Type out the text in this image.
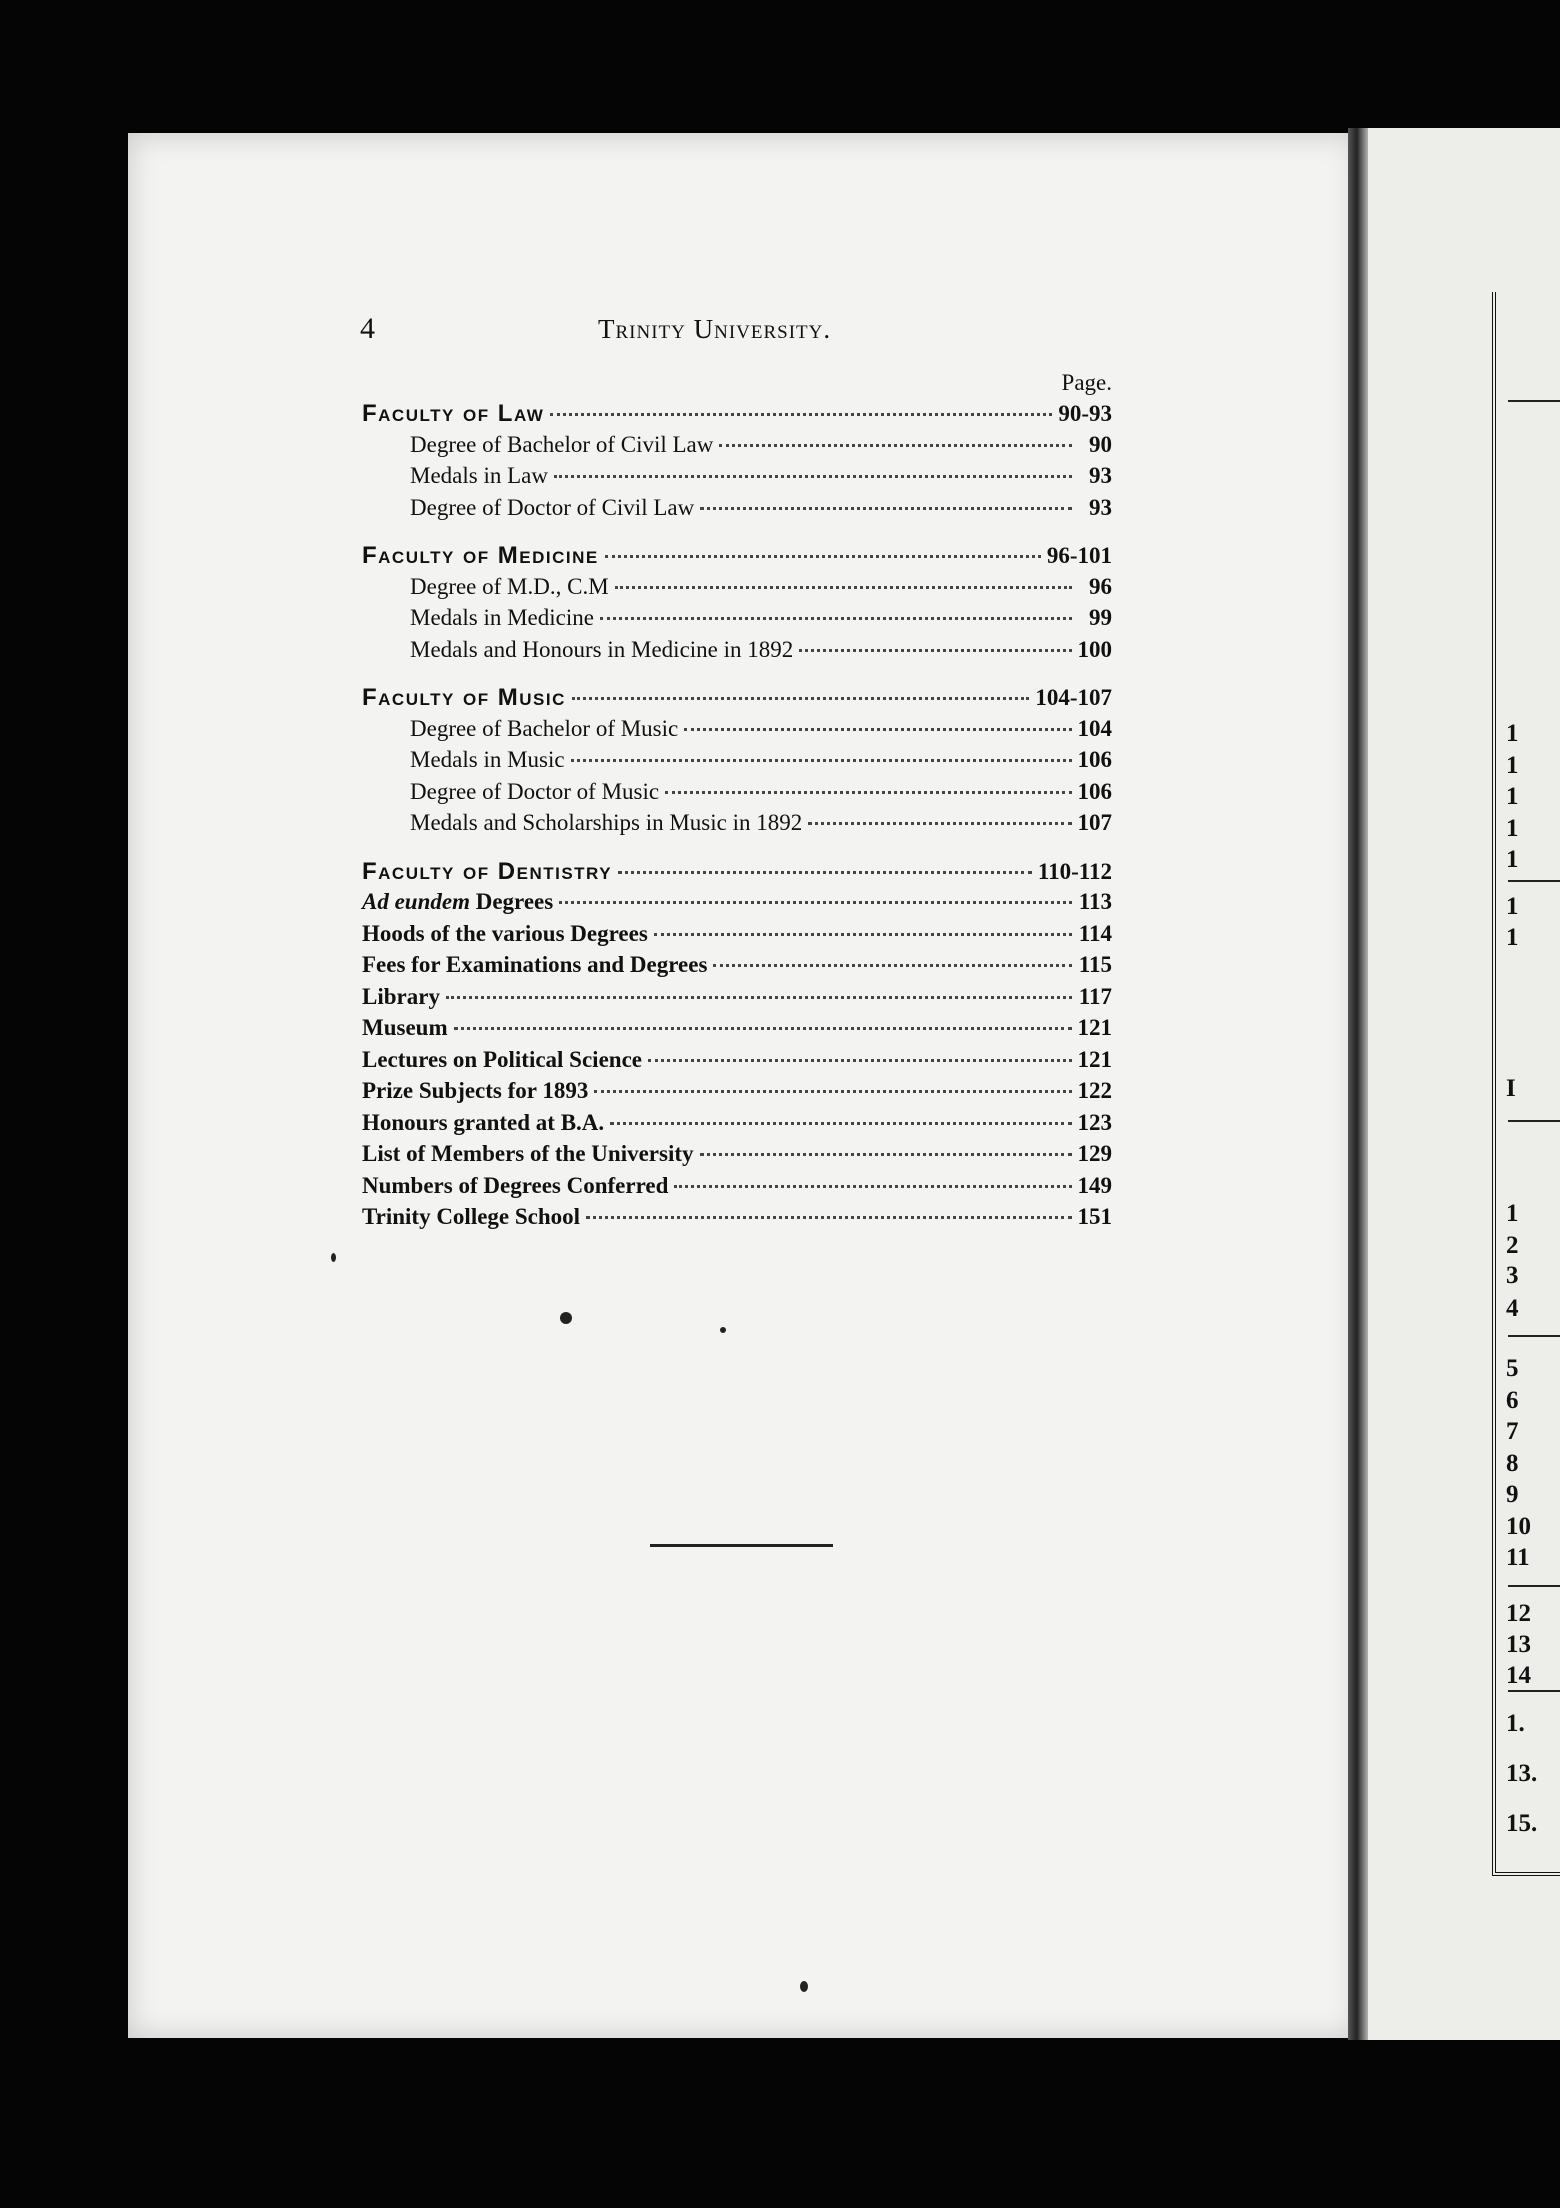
1
1
1
1
1
1
1
I
1
2
3
4
5
6
7
8
9
10
11
12
13
14
1.
13.
15.
4	Trinity University.
Page.
Faculty of Law	90-93
Degree of Bachelor of Civil Law	90
Medals in Law	93
Degree of Doctor of Civil Law	93
Faculty of Medicine	96-101
Degree of M.D., C.M	96
Medals in Medicine	99
Medals and Honours in Medicine in 1892	100
Faculty of Music	104-107
Degree of Bachelor of Music	104
Medals in Music	106
Degree of Doctor of Music	106
Medals and Scholarships in Music in 1892	107
Faculty of Dentistry	110-112
Ad eundem Degrees	113
Hoods of the various Degrees	114
Fees for Examinations and Degrees	115
Library	117
Museum	121
Lectures on Political Science	121
Prize Subjects for 1893	122
Honours granted at B.A.	123
List of Members of the University	129
Numbers of Degrees Conferred	149
Trinity College School	151
